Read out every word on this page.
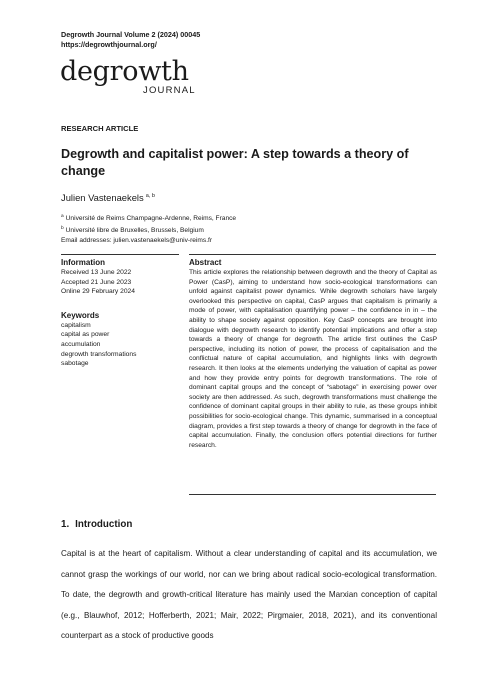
Degrowth Journal Volume 2 (2024) 00045
https://degrowthjournal.org/
degrowth
JOURNAL
RESEARCH ARTICLE
Degrowth and capitalist power: A step towards a theory of change
Julien Vastenaekels $^{a, b}$
$^a$ Université de Reims Champagne-Ardenne, Reims, France
$^b$ Université libre de Bruxelles, Brussels, Belgium
Email addresses: julien.vastenaekels@univ-reims.fr
Information
Received 13 June 2022
Accepted 21 June 2023
Online 29 February 2024
Keywords
capitalism
capital as power
accumulation
degrowth transformations
sabotage
Abstract

This article explores the relationship between degrowth and the theory of Capital as Power (CasP), aiming to understand how socio-ecological transformations can unfold against capitalist power dynamics. While degrowth scholars have largely overlooked this perspective on capital, CasP argues that capitalism is primarily a mode of power, with capitalisation quantifying power – the confidence in in – the ability to shape society against opposition. Key CasP concepts are brought into dialogue with degrowth research to identify potential implications and offer a step towards a theory of change for degrowth. The article first outlines the CasP perspective, including its notion of power, the process of capitalisation and the conflictual nature of capital accumulation, and highlights links with degrowth research. It then looks at the elements underlying the valuation of capital as power and how they provide entry points for degrowth transformations. The role of dominant capital groups and the concept of “sabotage” in exercising power over society are then addressed. As such, degrowth transformations must challenge the confidence of dominant capital groups in their ability to rule, as these groups inhibit possibilities for socio-ecological change. This dynamic, summarised in a conceptual diagram, provides a first step towards a theory of change for degrowth in the face of capital accumulation. Finally, the conclusion offers potential directions for further research.

1. Introduction

Capital is at the heart of capitalism. Without a clear understanding of capital and its accumulation, we cannot grasp the workings of our world, nor can we bring about radical socio-ecological transformation. To date, the degrowth and growth-critical literature has mainly used the Marxian conception of capital (e.g., Blauwhof, 2012; Hofferberth, 2021; Mair, 2022; Pirgmaier, 2018, 2021), and its conventional counterpart as a stock of productive goods
